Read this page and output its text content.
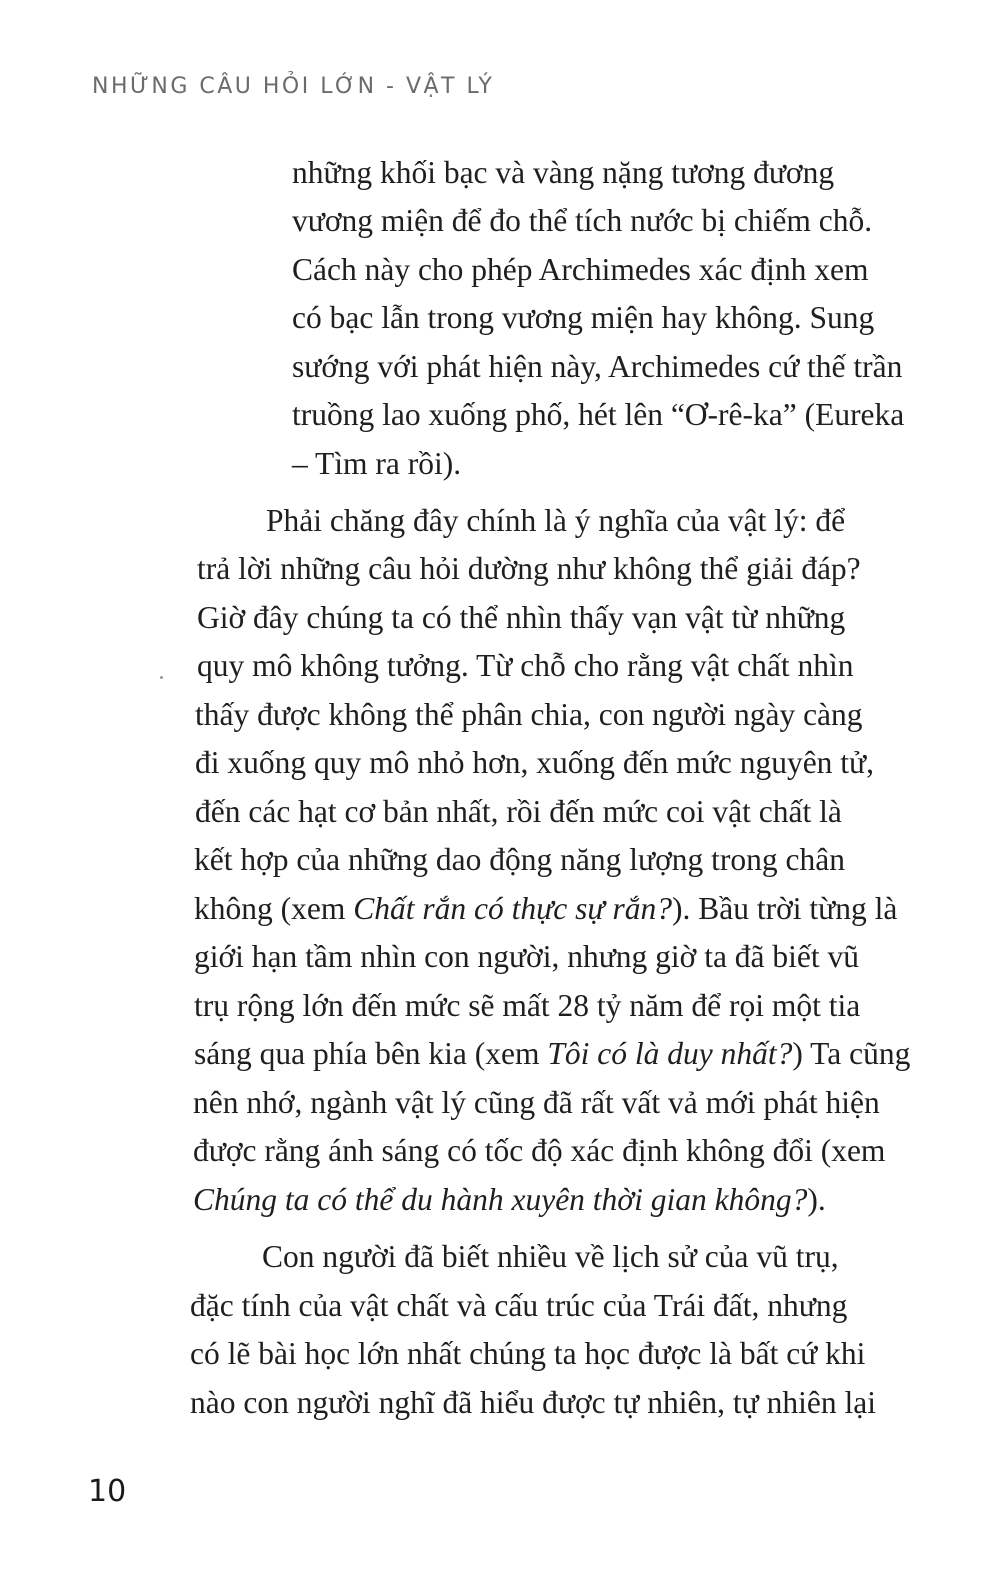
NHỮNG CÂU HỎI LỚN - VẬT LÝ
những khối bạc và vàng nặng tương đương
vương miện để đo thể tích nước bị chiếm chỗ.
Cách này cho phép Archimedes xác định xem
có bạc lẫn trong vương miện hay không. Sung
sướng với phát hiện này, Archimedes cứ thế trần
truồng lao xuống phố, hét lên “Ơ-rê-ka” (Eureka
– Tìm ra rồi).
Phải chăng đây chính là ý nghĩa của vật lý: để
trả lời những câu hỏi dường như không thể giải đáp?
Giờ đây chúng ta có thể nhìn thấy vạn vật từ những
quy mô không tưởng. Từ chỗ cho rằng vật chất nhìn
thấy được không thể phân chia, con người ngày càng
đi xuống quy mô nhỏ hơn, xuống đến mức nguyên tử,
đến các hạt cơ bản nhất, rồi đến mức coi vật chất là
kết hợp của những dao động năng lượng trong chân
không (xem Chất rắn có thực sự rắn?). Bầu trời từng là
giới hạn tầm nhìn con người, nhưng giờ ta đã biết vũ
trụ rộng lớn đến mức sẽ mất 28 tỷ năm để rọi một tia
sáng qua phía bên kia (xem Tôi có là duy nhất?) Ta cũng
nên nhớ, ngành vật lý cũng đã rất vất vả mới phát hiện
được rằng ánh sáng có tốc độ xác định không đổi (xem
Chúng ta có thể du hành xuyên thời gian không?).
Con người đã biết nhiều về lịch sử của vũ trụ,
đặc tính của vật chất và cấu trúc của Trái đất, nhưng
có lẽ bài học lớn nhất chúng ta học được là bất cứ khi
nào con người nghĩ đã hiểu được tự nhiên, tự nhiên lại
10
